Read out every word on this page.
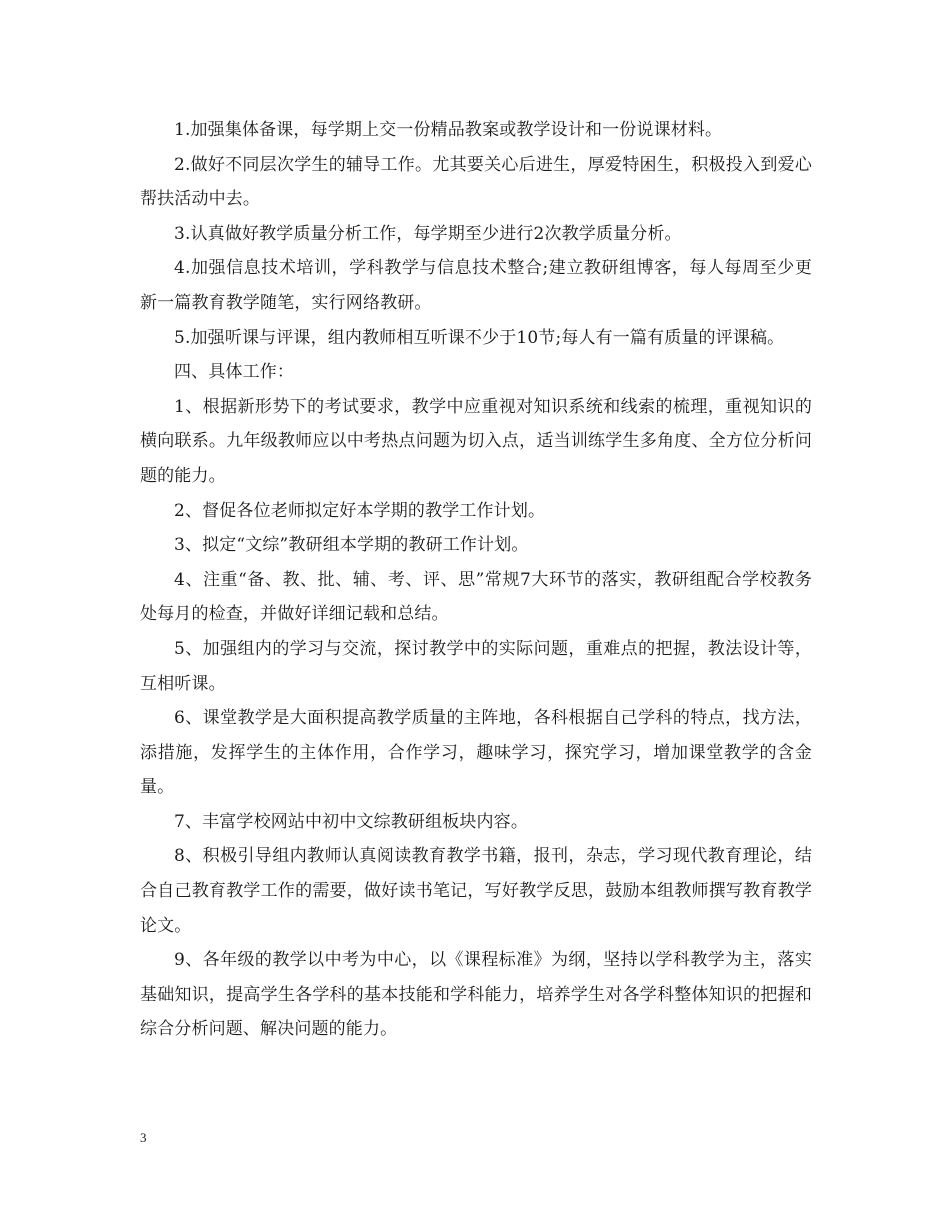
1.加强集体备课，每学期上交一份精品教案或教学设计和一份说课材料。

2.做好不同层次学生的辅导工作。尤其要关心后进生，厚爱特困生，积极投入到爱心帮扶活动中去。

3.认真做好教学质量分析工作，每学期至少进行2次教学质量分析。

4.加强信息技术培训，学科教学与信息技术整合;建立教研组博客，每人每周至少更新一篇教育教学随笔，实行网络教研。

5.加强听课与评课，组内教师相互听课不少于10节;每人有一篇有质量的评课稿。

四、具体工作：

1、根据新形势下的考试要求，教学中应重视对知识系统和线索的梳理，重视知识的横向联系。九年级教师应以中考热点问题为切入点，适当训练学生多角度、全方位分析问题的能力。

2、督促各位老师拟定好本学期的教学工作计划。

3、拟定“文综”教研组本学期的教研工作计划。

4、注重“备、教、批、辅、考、评、思”常规7大环节的落实，教研组配合学校教务处每月的检查，并做好详细记载和总结。

5、加强组内的学习与交流，探讨教学中的实际问题，重难点的把握，教法设计等，互相听课。

6、课堂教学是大面积提高教学质量的主阵地，各科根据自己学科的特点，找方法，添措施，发挥学生的主体作用，合作学习，趣味学习，探究学习，增加课堂教学的含金量。

7、丰富学校网站中初中文综教研组板块内容。

8、积极引导组内教师认真阅读教育教学书籍，报刊，杂志，学习现代教育理论，结合自己教育教学工作的需要，做好读书笔记，写好教学反思，鼓励本组教师撰写教育教学论文。

9、各年级的教学以中考为中心，以《课程标准》为纲，坚持以学科教学为主，落实基础知识，提高学生各学科的基本技能和学科能力，培养学生对各学科整体知识的把握和综合分析问题、解决问题的能力。

3
